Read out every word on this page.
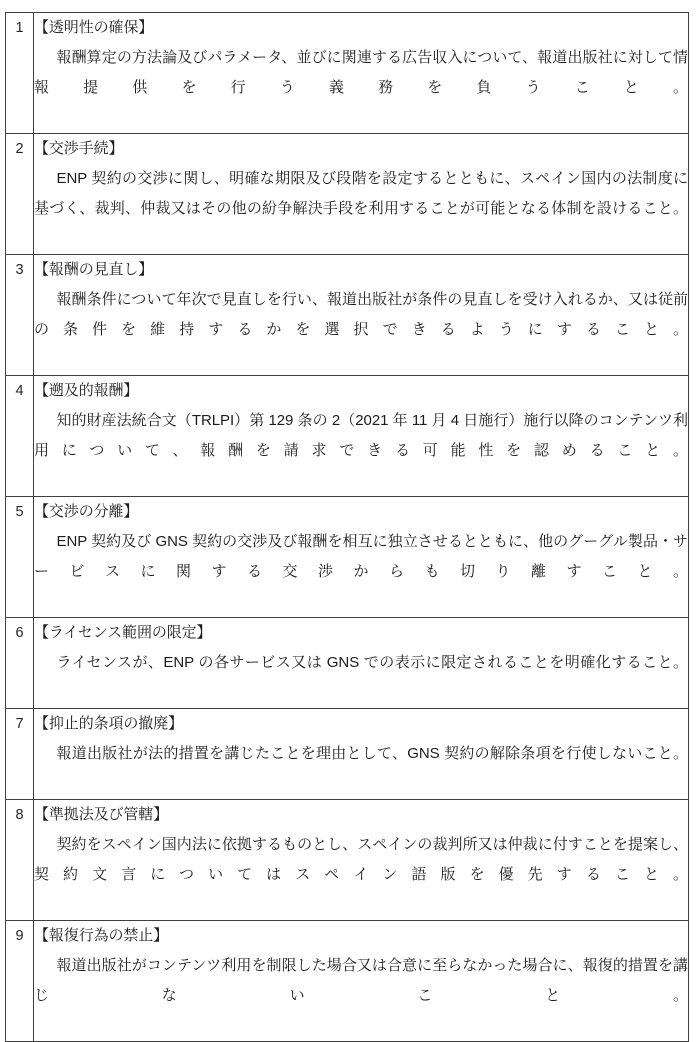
1	【透明性の確保】
報酬算定の方法論及びパラメータ、並びに関連する広告収入について、報道出版社に対して情報提供を行う義務を負うこと。

2	【交渉手続】
ENP 契約の交渉に関し、明確な期限及び段階を設定するとともに、スペイン国内の法制度に基づく、裁判、仲裁又はその他の紛争解決手段を利用することが可能となる体制を設けること。

3	【報酬の見直し】
報酬条件について年次で見直しを行い、報道出版社が条件の見直しを受け入れるか、又は従前の条件を維持するかを選択できるようにすること。

4	【遡及的報酬】
知的財産法統合文（TRLPI）第 129 条の 2（2021 年 11 月 4 日施行）施行以降のコンテンツ利用について、報酬を請求できる可能性を認めること。

5	【交渉の分離】
ENP 契約及び GNS 契約の交渉及び報酬を相互に独立させるとともに、他のグーグル製品・サービスに関する交渉からも切り離すこと。

6	【ライセンス範囲の限定】
ライセンスが、ENP の各サービス又は GNS での表示に限定されることを明確化すること。

7	【抑止的条項の撤廃】
報道出版社が法的措置を講じたことを理由として、GNS 契約の解除条項を行使しないこと。

8	【準拠法及び管轄】
契約をスペイン国内法に依拠するものとし、スペインの裁判所又は仲裁に付すことを提案し、契約文言についてはスペイン語版を優先すること。

9	【報復行為の禁止】
報道出版社がコンテンツ利用を制限した場合又は合意に至らなかった場合に、報復的措置を講じないこと。
